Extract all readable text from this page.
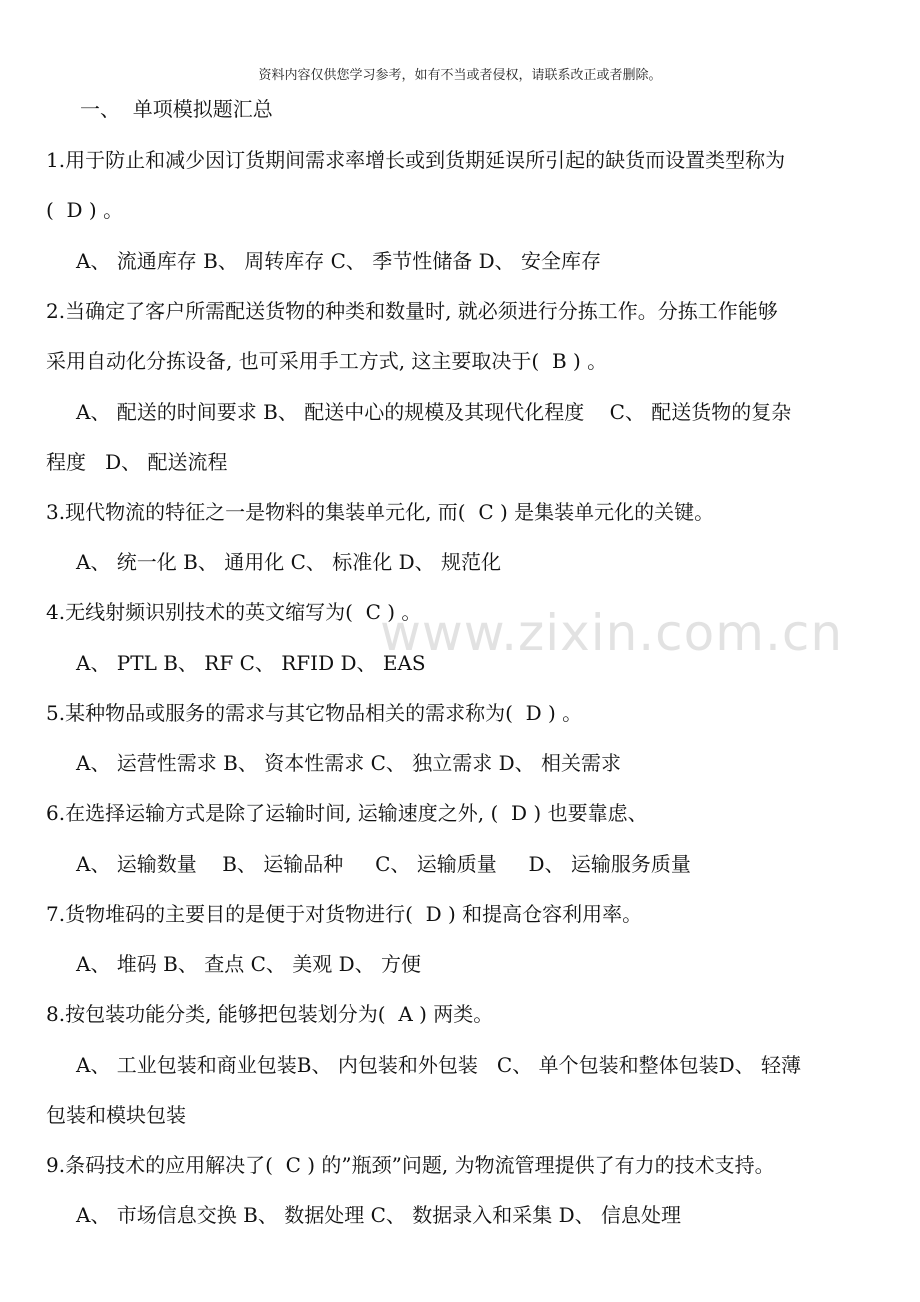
资料内容仅供您学习参考，如有不当或者侵权，请联系改正或者删除。
一、  单项模拟题汇总
www.zixin.com.cn
1.用于防止和减少因订货期间需求率增长或到货期延误所引起的缺货而设置类型称为
(  D ) 。
A、 流通库存 B、 周转库存 C、 季节性储备 D、 安全库存
2.当确定了客户所需配送货物的种类和数量时, 就必须进行分拣工作。分拣工作能够
采用自动化分拣设备, 也可采用手工方式, 这主要取决于(  B ) 。
A、 配送的时间要求 B、 配送中心的规模及其现代化程度    C、 配送货物的复杂
程度   D、 配送流程
3.现代物流的特征之一是物料的集装单元化, 而(  C ) 是集装单元化的关键。
A、 统一化 B、 通用化 C、 标准化 D、 规范化
4.无线射频识别技术的英文缩写为(  C ) 。
A、 PTL B、 RF C、 RFID D、 EAS
5.某种物品或服务的需求与其它物品相关的需求称为(  D ) 。
A、 运营性需求 B、 资本性需求 C、 独立需求 D、 相关需求
6.在选择运输方式是除了运输时间, 运输速度之外, (  D ) 也要靠虑、
A、 运输数量    B、 运输品种     C、 运输质量     D、 运输服务质量
7.货物堆码的主要目的是便于对货物进行(  D ) 和提高仓容利用率。
A、 堆码 B、 查点 C、 美观 D、 方便
8.按包装功能分类, 能够把包装划分为(  A ) 两类。
A、 工业包装和商业包装B、 内包装和外包装   C、 单个包装和整体包装D、 轻薄
包装和模块包装
9.条码技术的应用解决了(  C ) 的”瓶颈”问题, 为物流管理提供了有力的技术支持。
A、 市场信息交换 B、 数据处理 C、 数据录入和采集 D、 信息处理
